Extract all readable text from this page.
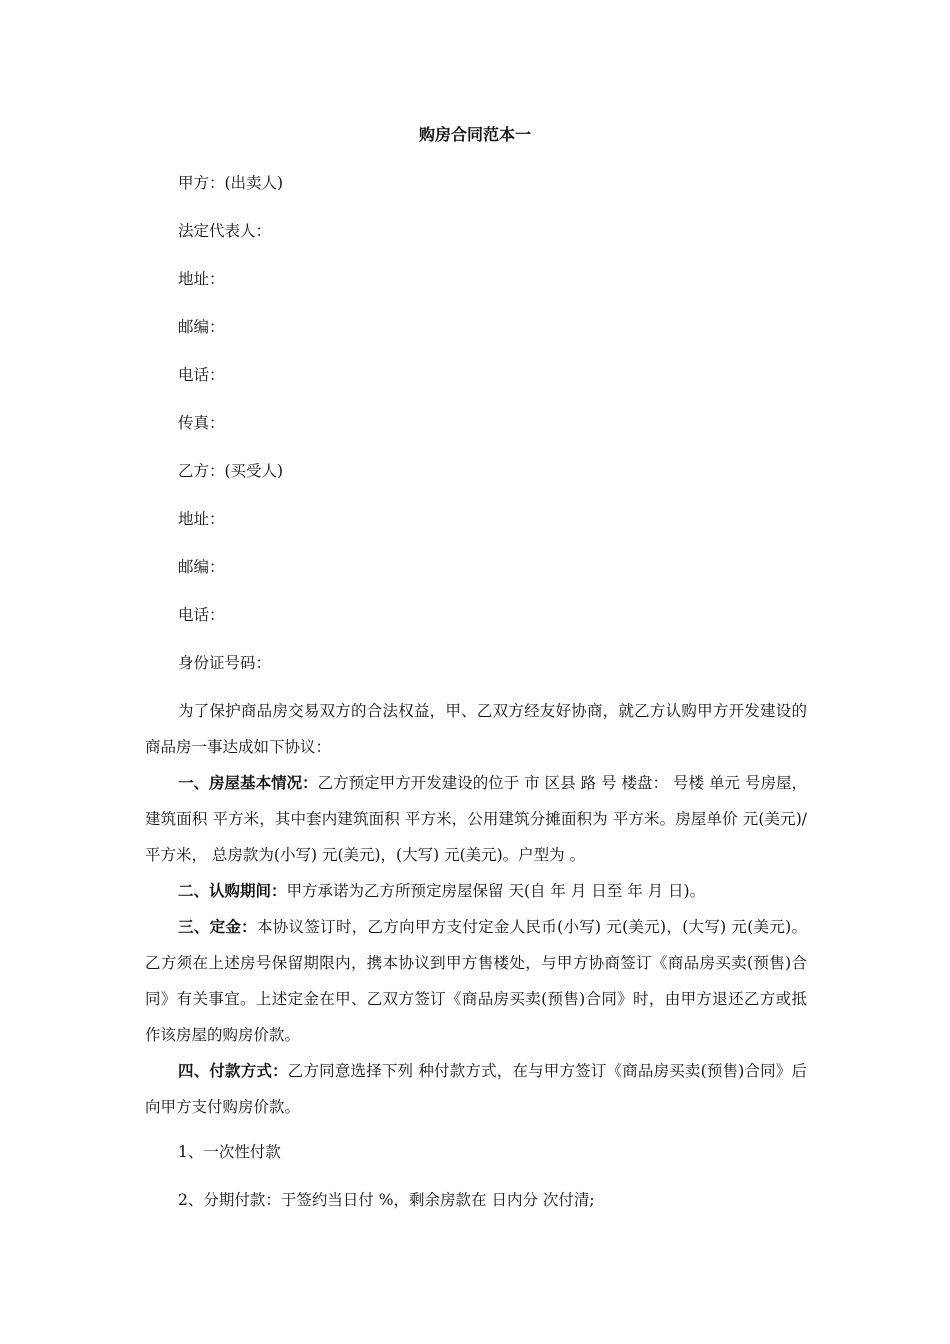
购房合同范本一
甲方：(出卖人)
法定代表人：
地址：
邮编：
电话：
传真：
乙方：(买受人)
地址：
邮编：
电话：
身份证号码：
为了保护商品房交易双方的合法权益，甲、乙双方经友好协商，就乙方认购甲方开发建设的商品房一事达成如下协议：
一、房屋基本情况：乙方预定甲方开发建设的位于 市 区县 路 号 楼盘： 号楼 单元 号房屋，建筑面积 平方米，其中套内建筑面积 平方米，公用建筑分摊面积为 平方米。房屋单价 元(美元)/平方米， 总房款为(小写) 元(美元)，(大写) 元(美元)。户型为 。
二、认购期间：甲方承诺为乙方所预定房屋保留 天(自 年 月 日至 年 月 日)。
三、定金：本协议签订时，乙方向甲方支付定金人民币(小写) 元(美元)，(大写) 元(美元)。乙方须在上述房号保留期限内，携本协议到甲方售楼处，与甲方协商签订《商品房买卖(预售)合同》有关事宜。上述定金在甲、乙双方签订《商品房买卖(预售)合同》时，由甲方退还乙方或抵作该房屋的购房价款。
四、付款方式：乙方同意选择下列 种付款方式，在与甲方签订《商品房买卖(预售)合同》后向甲方支付购房价款。
1、一次性付款
2、分期付款：于签约当日付 %，剩余房款在 日内分 次付清;
